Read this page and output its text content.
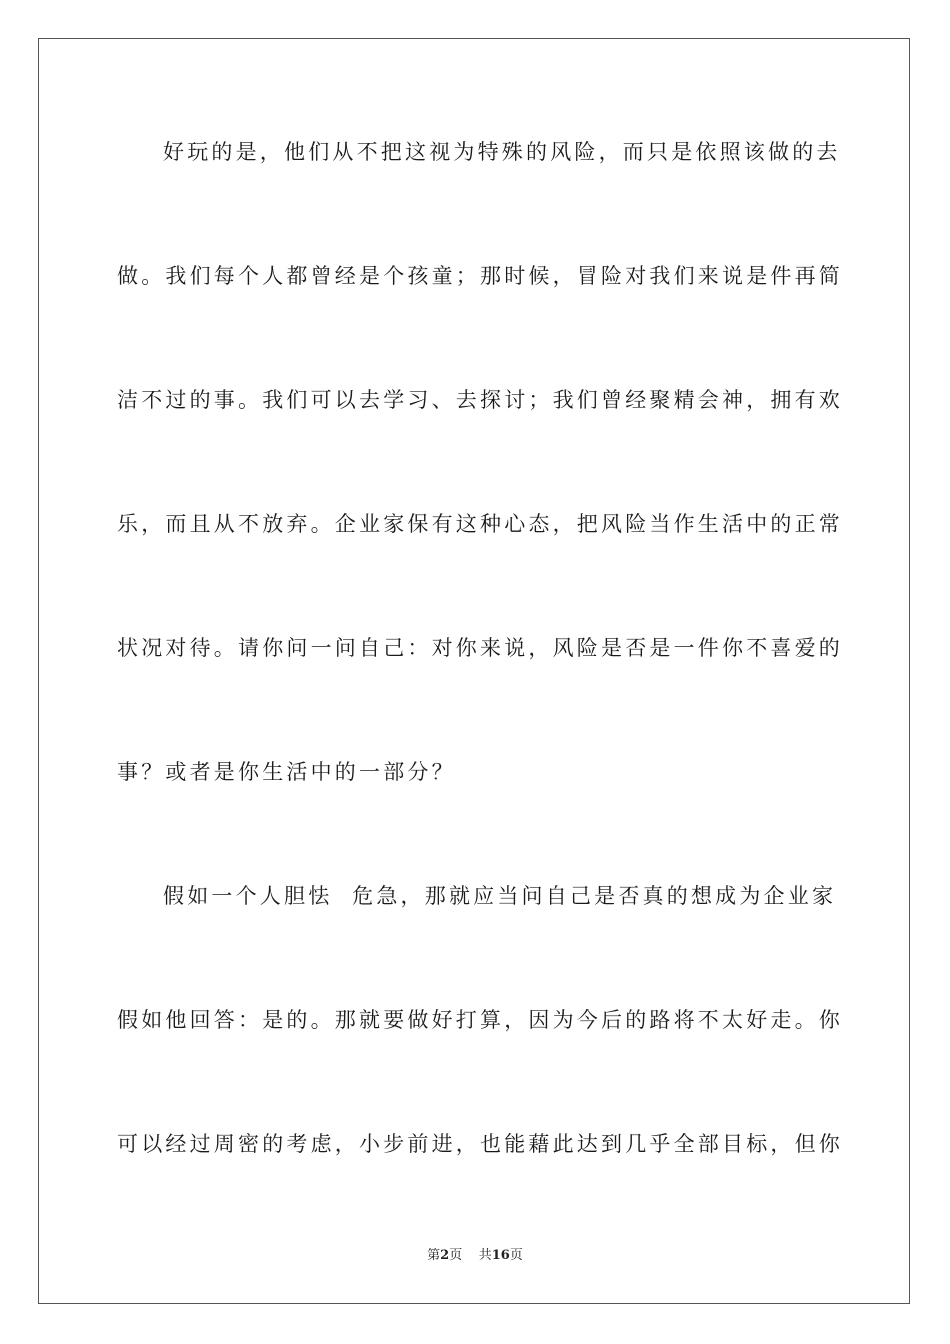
好玩的是，他们从不把这视为特殊的风险，而只是依照该做的去
做。我们每个人都曾经是个孩童；那时候，冒险对我们来说是件再简
洁不过的事。我们可以去学习、去探讨；我们曾经聚精会神，拥有欢
乐，而且从不放弃。企业家保有这种心态，把风险当作生活中的正常
状况对待。请你问一问自己：对你来说，风险是否是一件你不喜爱的
事？或者是你生活中的一部分？
假如一个人胆怯  危急，那就应当问自己是否真的想成为企业家
假如他回答：是的。那就要做好打算，因为今后的路将不太好走。你
可以经过周密的考虑，小步前进，也能藉此达到几乎全部目标，但你
第2页 共16页
